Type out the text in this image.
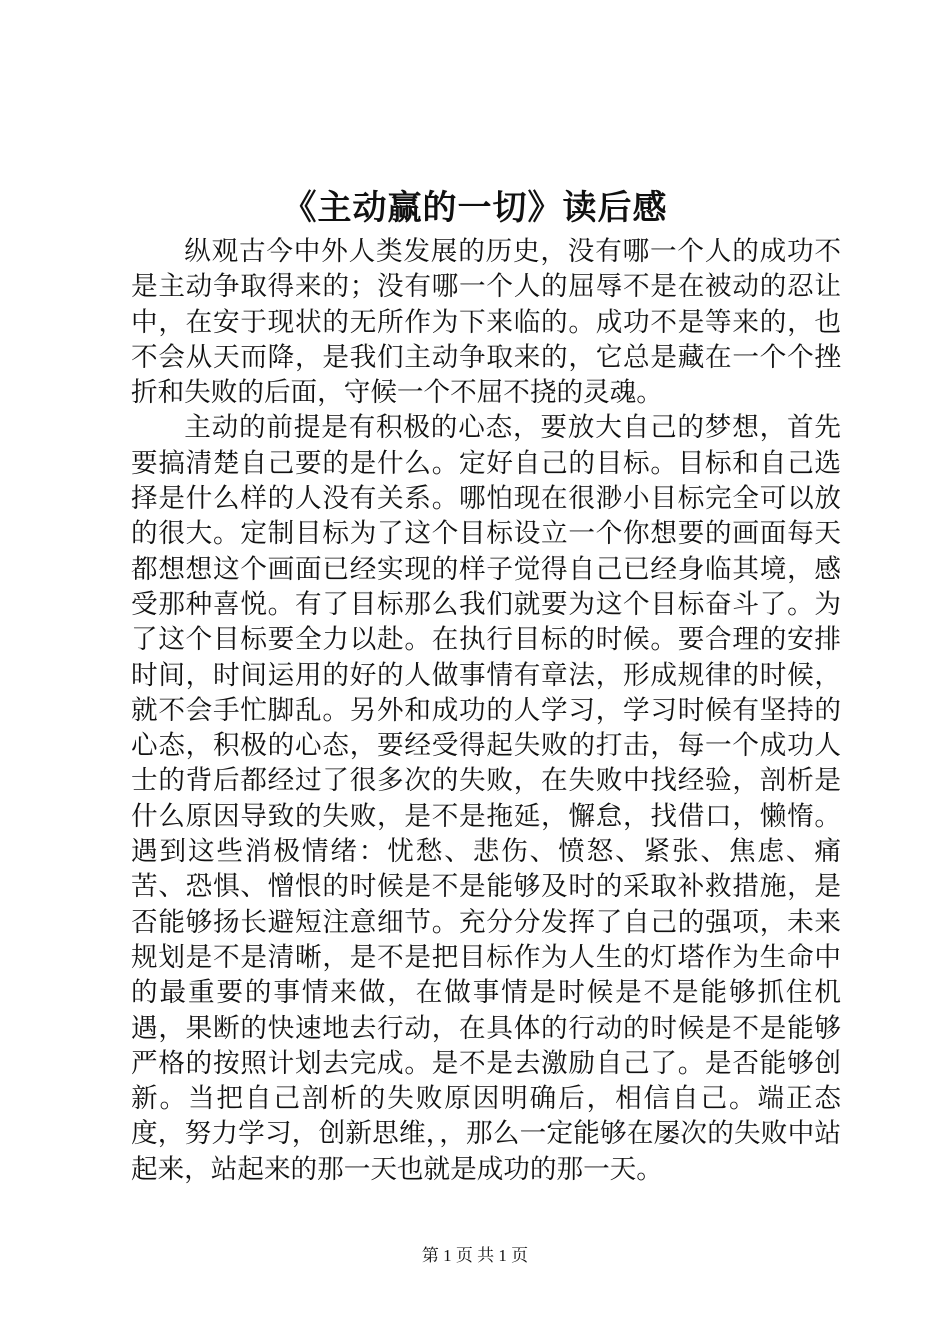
《主动赢的一切》读后感

纵观古今中外人类发展的历史，没有哪一个人的成功不是主动争取得来的；没有哪一个人的屈辱不是在被动的忍让中，在安于现状的无所作为下来临的。成功不是等来的，也不会从天而降，是我们主动争取来的，它总是藏在一个个挫折和失败的后面，守候一个不屈不挠的灵魂。

主动的前提是有积极的心态，要放大自己的梦想，首先要搞清楚自己要的是什么。定好自己的目标。目标和自己选择是什么样的人没有关系。哪怕现在很渺小目标完全可以放的很大。定制目标为了这个目标设立一个你想要的画面每天都想想这个画面已经实现的样子觉得自己已经身临其境，感受那种喜悦。有了目标那么我们就要为这个目标奋斗了。为了这个目标要全力以赴。在执行目标的时候。要合理的安排时间，时间运用的好的人做事情有章法，形成规律的时候，就不会手忙脚乱。另外和成功的人学习，学习时候有坚持的心态，积极的心态，要经受得起失败的打击，每一个成功人士的背后都经过了很多次的失败，在失败中找经验，剖析是什么原因导致的失败，是不是拖延，懈怠，找借口，懒惰。遇到这些消极情绪：忧愁、悲伤、愤怒、紧张、焦虑、痛苦、恐惧、憎恨的时候是不是能够及时的采取补救措施，是否能够扬长避短注意细节。充分分发挥了自己的强项，未来规划是不是清晰，是不是把目标作为人生的灯塔作为生命中的最重要的事情来做，在做事情是时候是不是能够抓住机遇，果断的快速地去行动，在具体的行动的时候是不是能够严格的按照计划去完成。是不是去激励自己了。是否能够创新。当把自己剖析的失败原因明确后，相信自己。端正态度，努力学习，创新思维，，那么一定能够在屡次的失败中站起来，站起来的那一天也就是成功的那一天。

第 1 页 共 1 页
